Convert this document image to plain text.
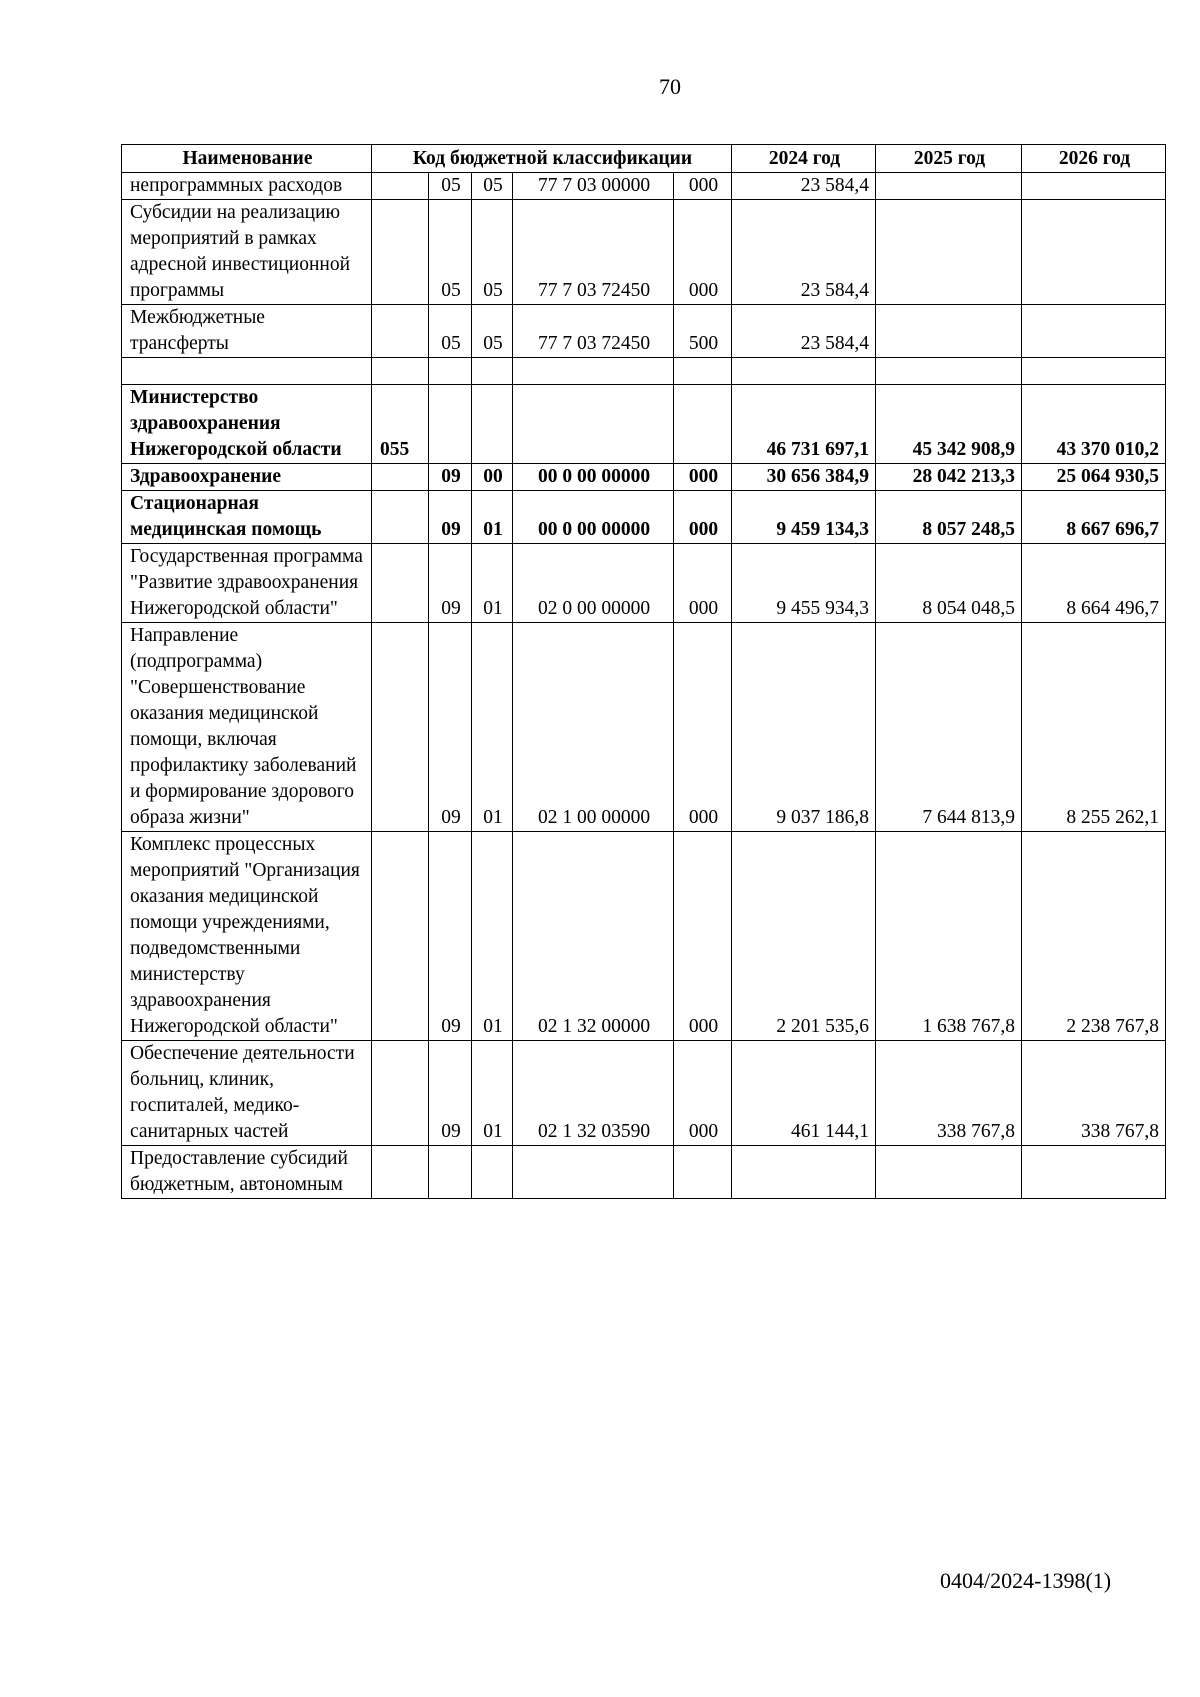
70
Наименование	Код бюджетной классификации					2024 год	2025 год	2026 год
непрограммных расходов		05	05	77 7 03 00000	000	23 584,4		
Субсидии на реализацию мероприятий в рамках адресной инвестиционной программы		05	05	77 7 03 72450	000	23 584,4		
Межбюджетные трансферты		05	05	77 7 03 72450	500	23 584,4		

Министерство здравоохранения Нижегородской области	055					46 731 697,1	45 342 908,9	43 370 010,2
Здравоохранение		09	00	00 0 00 00000	000	30 656 384,9	28 042 213,3	25 064 930,5
Стационарная медицинская помощь		09	01	00 0 00 00000	000	9 459 134,3	8 057 248,5	8 667 696,7
Государственная программа "Развитие здравоохранения Нижегородской области"		09	01	02 0 00 00000	000	9 455 934,3	8 054 048,5	8 664 496,7
Направление (подпрограмма) "Совершенствование оказания медицинской помощи, включая профилактику заболеваний и формирование здорового образа жизни"		09	01	02 1 00 00000	000	9 037 186,8	7 644 813,9	8 255 262,1
Комплекс процессных мероприятий "Организация оказания медицинской помощи учреждениями, подведомственными министерству здравоохранения Нижегородской области"		09	01	02 1 32 00000	000	2 201 535,6	1 638 767,8	2 238 767,8
Обеспечение деятельности больниц, клиник, госпиталей, медико-санитарных частей		09	01	02 1 32 03590	000	461 144,1	338 767,8	338 767,8
Предоставление субсидий бюджетным, автономным								
0404/2024-1398(1)
